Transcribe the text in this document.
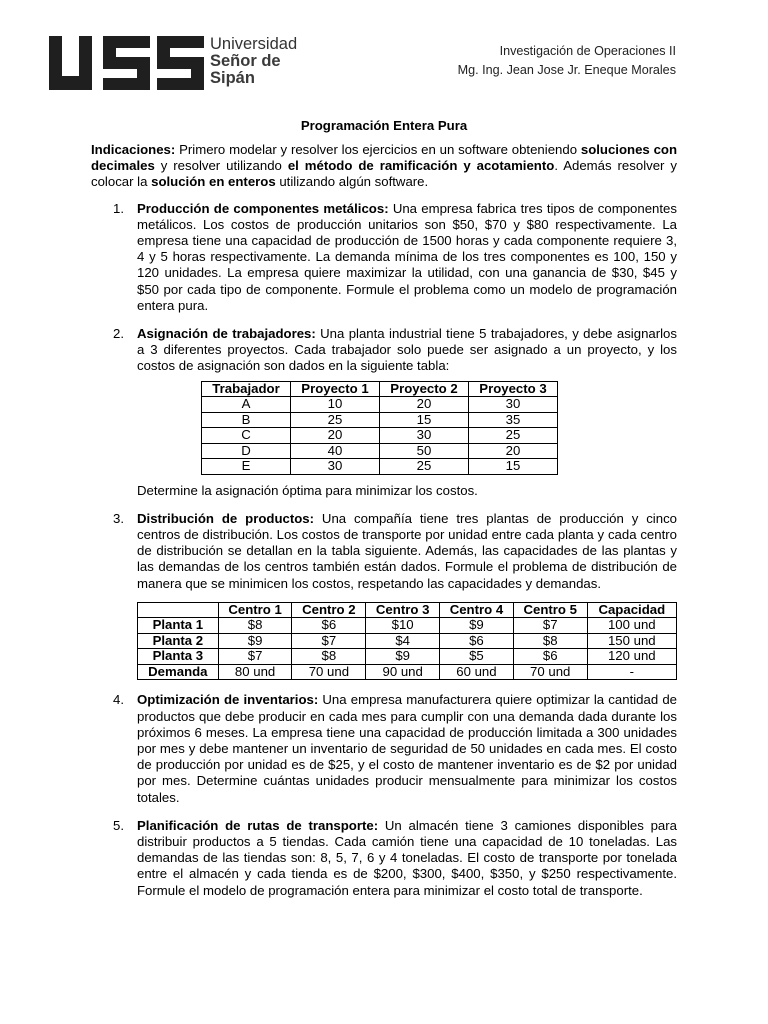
Universidad
Señor de Sipán
Investigación de Operaciones II
Mg. Ing. Jean Jose Jr. Eneque Morales
Programación Entera Pura

Indicaciones: Primero modelar y resolver los ejercicios en un software obteniendo soluciones con decimales y resolver utilizando el método de ramificación y acotamiento. Además resolver y colocar la solución en enteros utilizando algún software.

1. Producción de componentes metálicos: Una empresa fabrica tres tipos de componentes metálicos. Los costos de producción unitarios son $50, $70 y $80 respectivamente. La empresa tiene una capacidad de producción de 1500 horas y cada componente requiere 3, 4 y 5 horas respectivamente. La demanda mínima de los tres componentes es 100, 150 y 120 unidades. La empresa quiere maximizar la utilidad, con una ganancia de $30, $45 y $50 por cada tipo de componente. Formule el problema como un modelo de programación entera pura.
2. Asignación de trabajadores: Una planta industrial tiene 5 trabajadores, y debe asignarlos a 3 diferentes proyectos. Cada trabajador solo puede ser asignado a un proyecto, y los costos de asignación son dados en la siguiente tabla:
Trabajador	Proyecto 1	Proyecto 2	Proyecto 3
A	10	20	30
B	25	15	35
C	20	30	25
D	40	50	20
E	30	25	15
Determine la asignación óptima para minimizar los costos.
3. Distribución de productos: Una compañía tiene tres plantas de producción y cinco centros de distribución. Los costos de transporte por unidad entre cada planta y cada centro de distribución se detallan en la tabla siguiente. Además, las capacidades de las plantas y las demandas de los centros también están dados. Formule el problema de distribución de manera que se minimicen los costos, respetando las capacidades y demandas.
	Centro 1	Centro 2	Centro 3	Centro 4	Centro 5	Capacidad
Planta 1	$8	$6	$10	$9	$7	100 und
Planta 2	$9	$7	$4	$6	$8	150 und
Planta 3	$7	$8	$9	$5	$6	120 und
Demanda	80 und	70 und	90 und	60 und	70 und	-
4. Optimización de inventarios: Una empresa manufacturera quiere optimizar la cantidad de productos que debe producir en cada mes para cumplir con una demanda dada durante los próximos 6 meses. La empresa tiene una capacidad de producción limitada a 300 unidades por mes y debe mantener un inventario de seguridad de 50 unidades en cada mes. El costo de producción por unidad es de $25, y el costo de mantener inventario es de $2 por unidad por mes. Determine cuántas unidades producir mensualmente para minimizar los costos totales.
5. Planificación de rutas de transporte: Un almacén tiene 3 camiones disponibles para distribuir productos a 5 tiendas. Cada camión tiene una capacidad de 10 toneladas. Las demandas de las tiendas son: 8, 5, 7, 6 y 4 toneladas. El costo de transporte por tonelada entre el almacén y cada tienda es de $200, $300, $400, $350, y $250 respectivamente. Formule el modelo de programación entera para minimizar el costo total de transporte.
